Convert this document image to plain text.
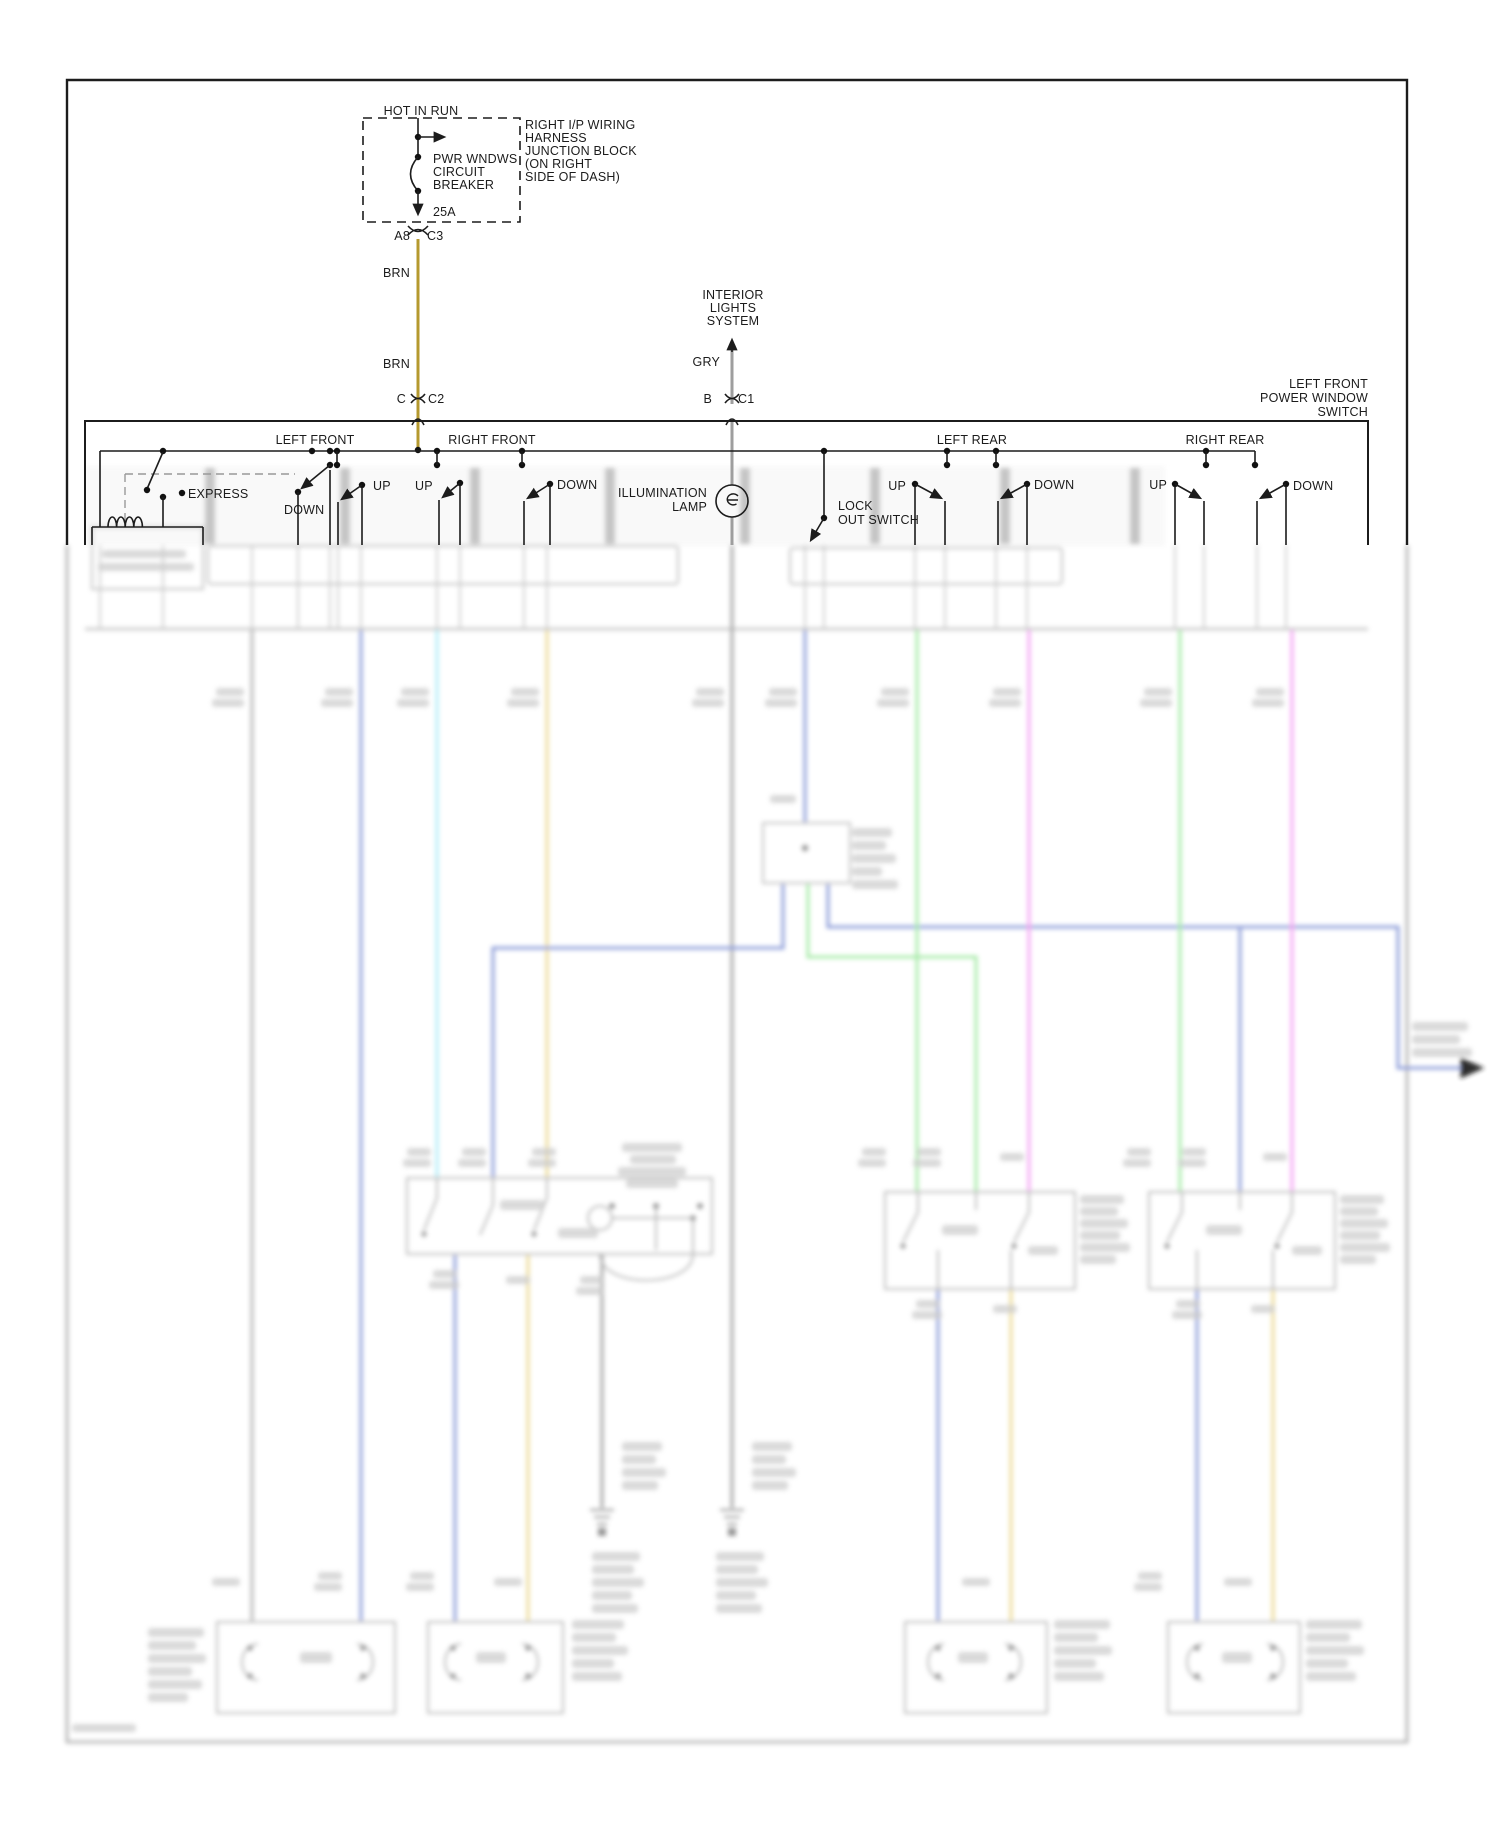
HOT IN RUN
RIGHT I/P WIRING
HARNESS
JUNCTION BLOCK
(ON RIGHT
SIDE OF DASH)
PWR WNDWS
CIRCUIT
BREAKER
25A
A8 C3
BRN
BRN
C C2
INTERIOR
LIGHTS
SYSTEM
GRY
B C1
LEFT FRONT
POWER WINDOW
SWITCH
LEFT FRONT	RIGHT FRONT	LEFT REAR	RIGHT REAR
EXPRESS
DOWN
UP UP	DOWN
ILLUMINATION
LAMP	LOCK
OUT SWITCH
UP	DOWN	UP	DOWN
